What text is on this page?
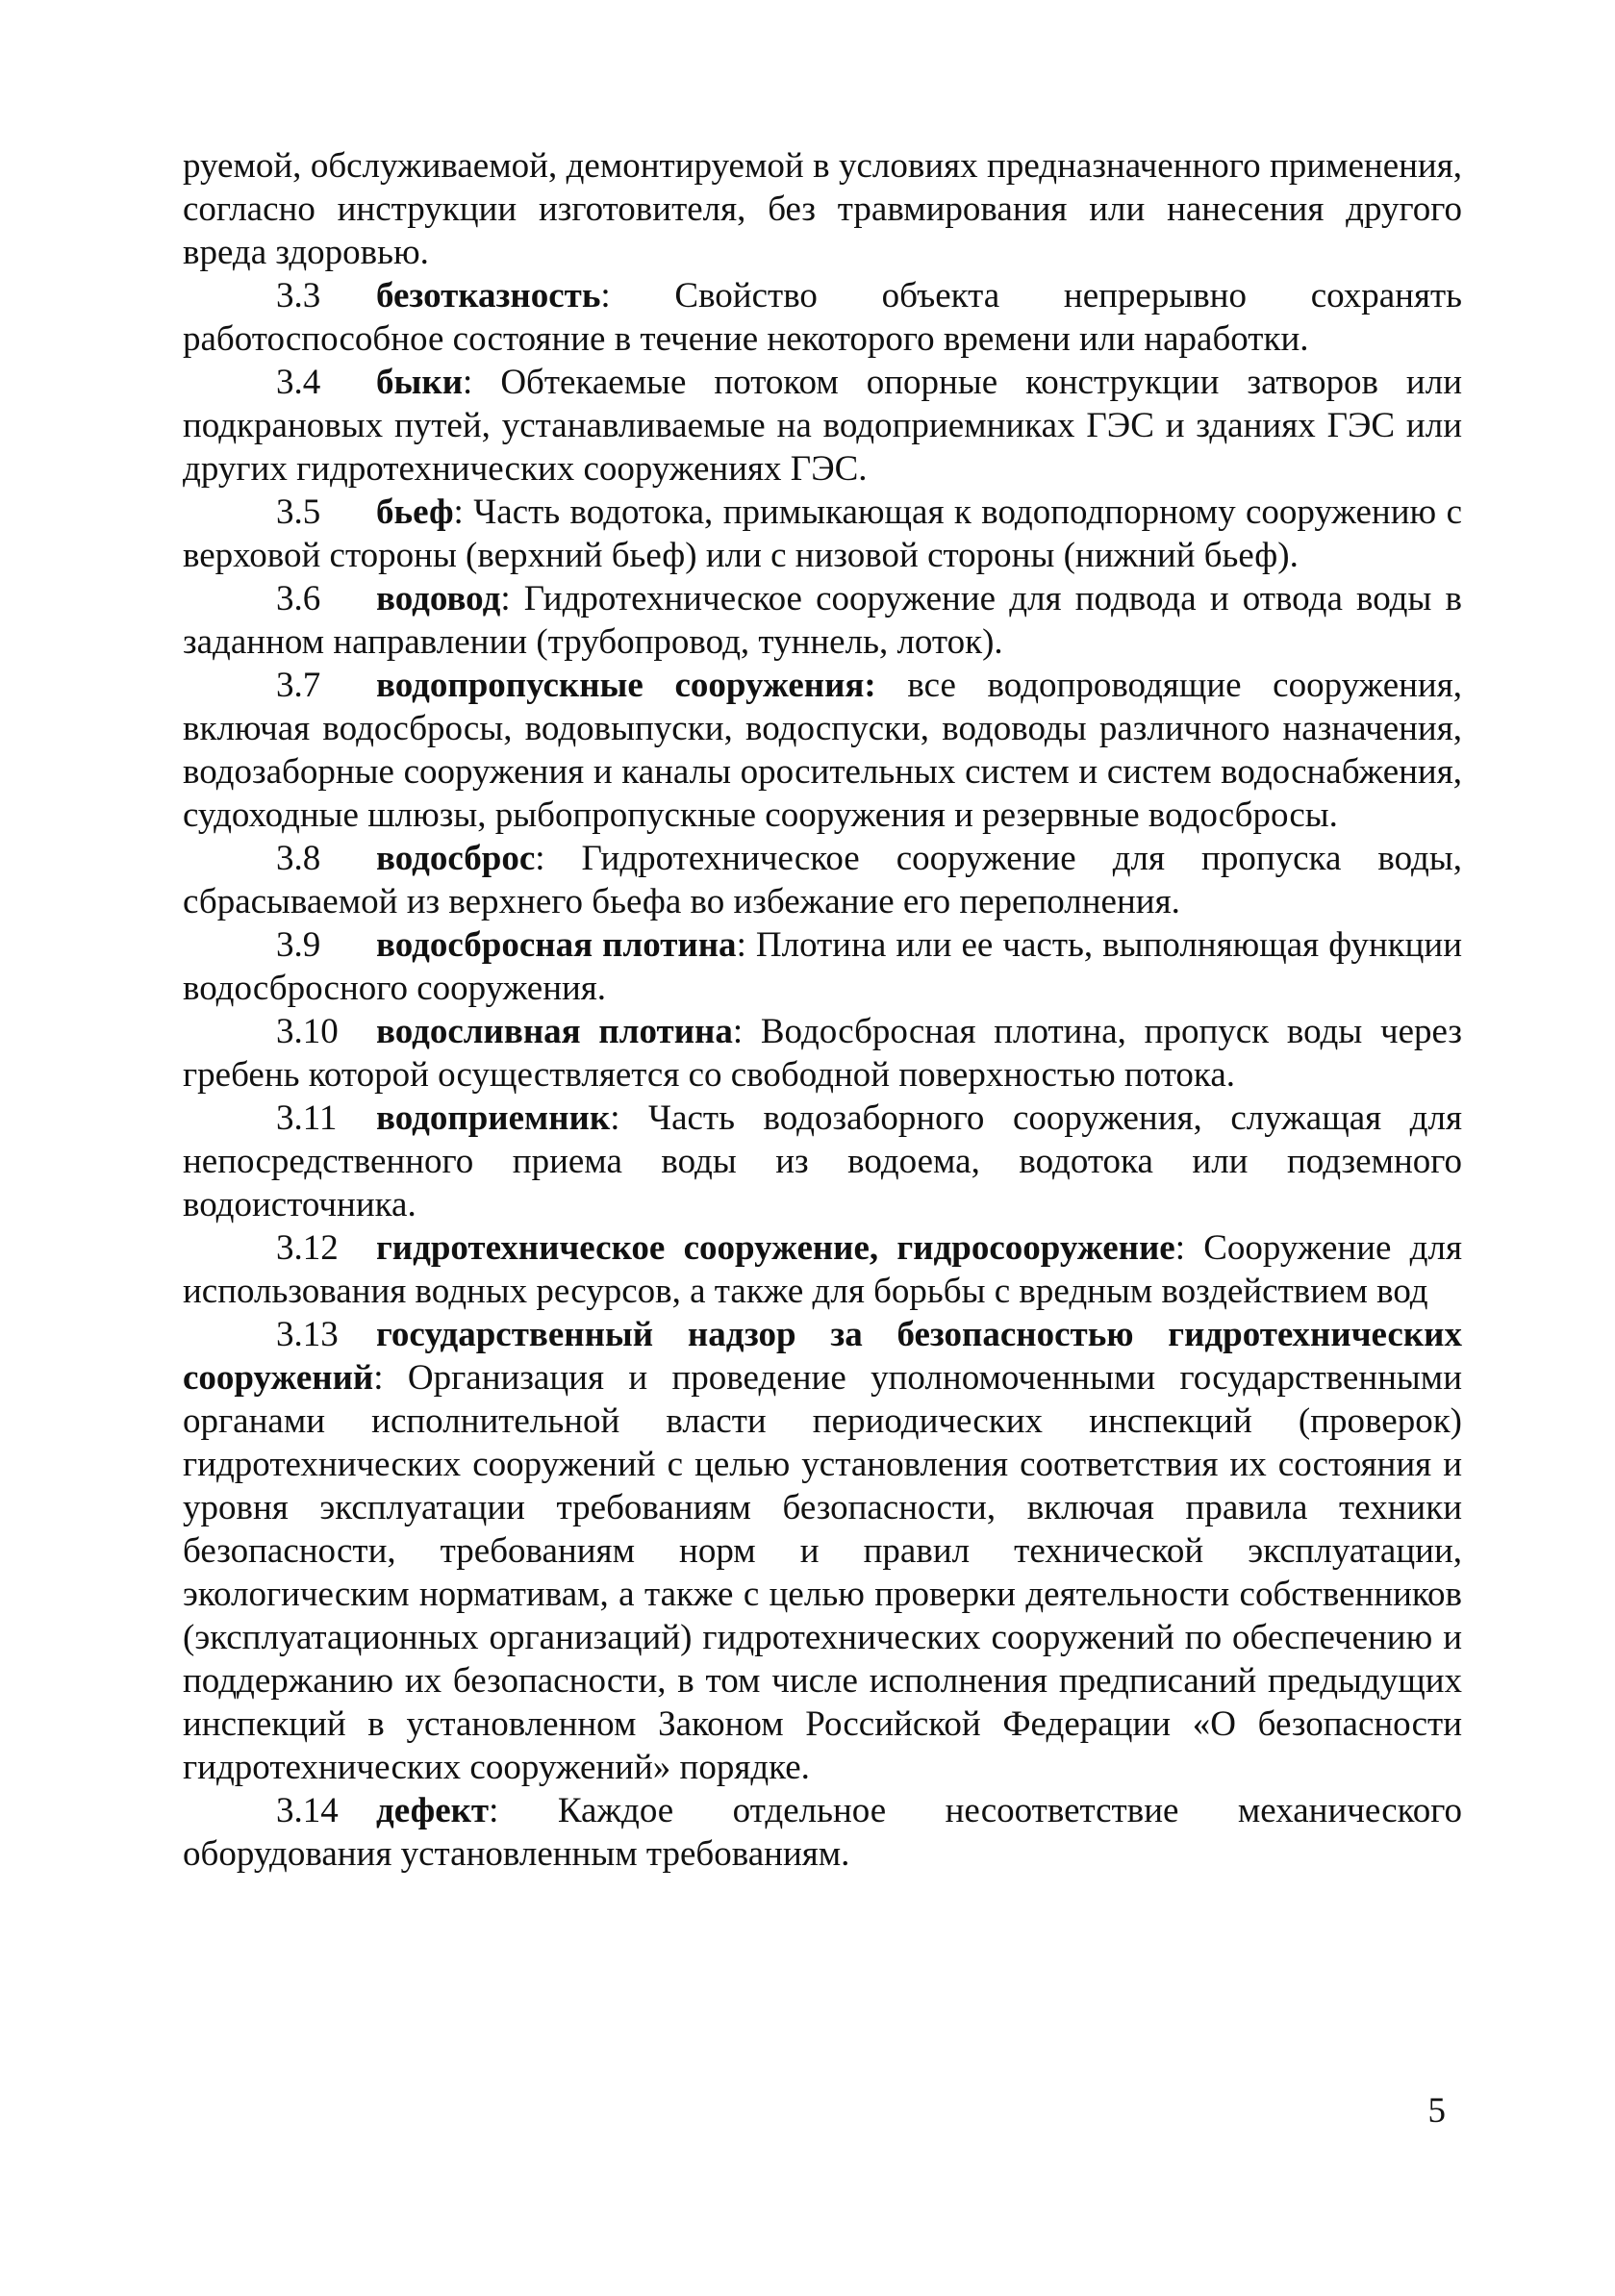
руемой, обслуживаемой, демонтируемой в условиях предназначенного применения, согласно инструкции изготовителя, без травмирования или нанесения другого вреда здоровью.

3.3 безотказность: Свойство объекта непрерывно сохранять работоспособное состояние в течение некоторого времени или наработки.

3.4 быки: Обтекаемые потоком опорные конструкции затворов или подкрановых путей, устанавливаемые на водоприемниках ГЭС и зданиях ГЭС или других гидротехнических сооружениях ГЭС.

3.5 бьеф: Часть водотока, примыкающая к водоподпорному сооружению с верховой стороны (верхний бьеф) или с низовой стороны (нижний бьеф).

3.6 водовод: Гидротехническое сооружение для подвода и отвода воды в заданном направлении (трубопровод, туннель, лоток).

3.7 водопропускные сооружения: все водопроводящие сооружения, включая водосбросы, водовыпуски, водоспуски, водоводы различного назначения, водозаборные сооружения и каналы оросительных систем и систем водоснабжения, судоходные шлюзы, рыбопропускные сооружения и резервные водосбросы.

3.8 водосброс: Гидротехническое сооружение для пропуска воды, сбрасываемой из верхнего бьефа во избежание его переполнения.

3.9 водосбросная плотина: Плотина или ее часть, выполняющая функции водосбросного сооружения.

3.10 водосливная плотина: Водосбросная плотина, пропуск воды через гребень которой осуществляется со свободной поверхностью потока.

3.11 водоприемник: Часть водозаборного сооружения, служащая для непосредственного приема воды из водоема, водотока или подземного водоисточника.

3.12 гидротехническое сооружение, гидросооружение: Сооружение для использования водных ресурсов, а также для борьбы с вредным воздействием вод

3.13 государственный надзор за безопасностью гидротехнических сооружений: Организация и проведение уполномоченными государственными органами исполнительной власти периодических инспекций (проверок) гидротехнических сооружений с целью установления соответствия их состояния и уровня эксплуатации требованиям безопасности, включая правила техники безопасности, требованиям норм и правил технической эксплуатации, экологическим нормативам, а также с целью проверки деятельности собственников (эксплуатационных организаций) гидротехнических сооружений по обеспечению и поддержанию их безопасности, в том числе исполнения предписаний предыдущих инспекций в установленном Законом Российской Федерации «О безопасности гидротехнических сооружений» порядке.

3.14 дефект: Каждое отдельное несоответствие механического оборудования установленным требованиям.

5
